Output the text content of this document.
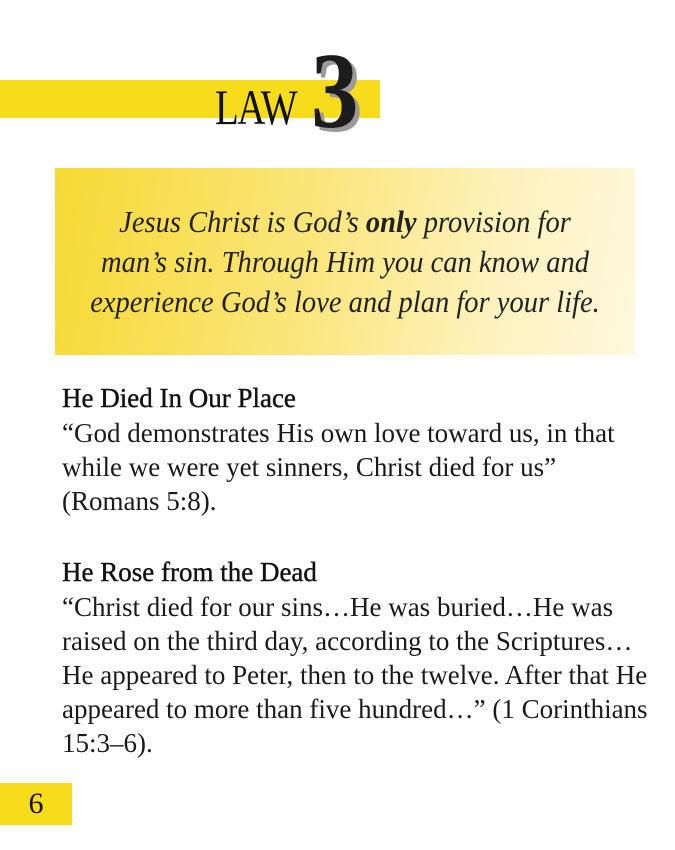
LAW 3

Jesus Christ is God’s only provision for man’s sin. Through Him you can know and experience God’s love and plan for your life.

He Died In Our Place

“God demonstrates His own love toward us, in that while we were yet sinners, Christ died for us” (Romans 5:8).

He Rose from the Dead

“Christ died for our sins…He was buried…He was raised on the third day, according to the Scriptures…He appeared to Peter, then to the twelve. After that He appeared to more than five hundred…” (1 Corinthians 15:3–6).

6
